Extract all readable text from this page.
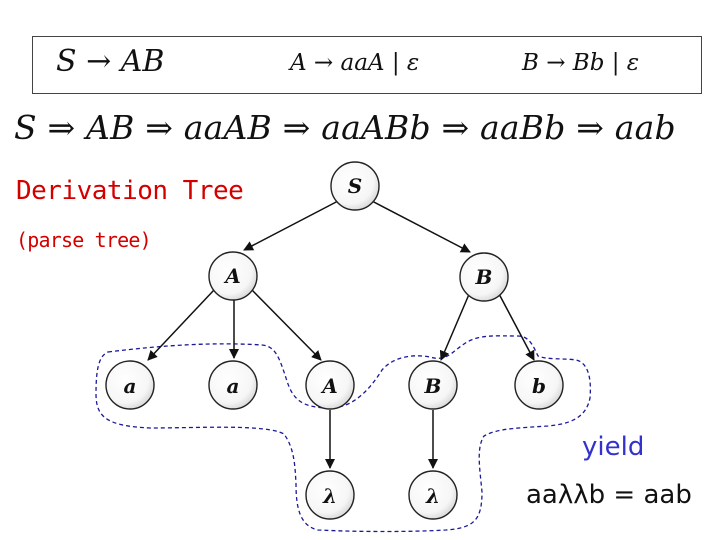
S → AB	A → aaA | ε	B → Bb | ε
S ⇒ AB ⇒ aaAB ⇒ aaABb ⇒ aaBb ⇒ aab
Derivation Tree
(parse tree)
S
A	B
a	a	A	B	b
λ	λ
yield
aaλλb = aab
